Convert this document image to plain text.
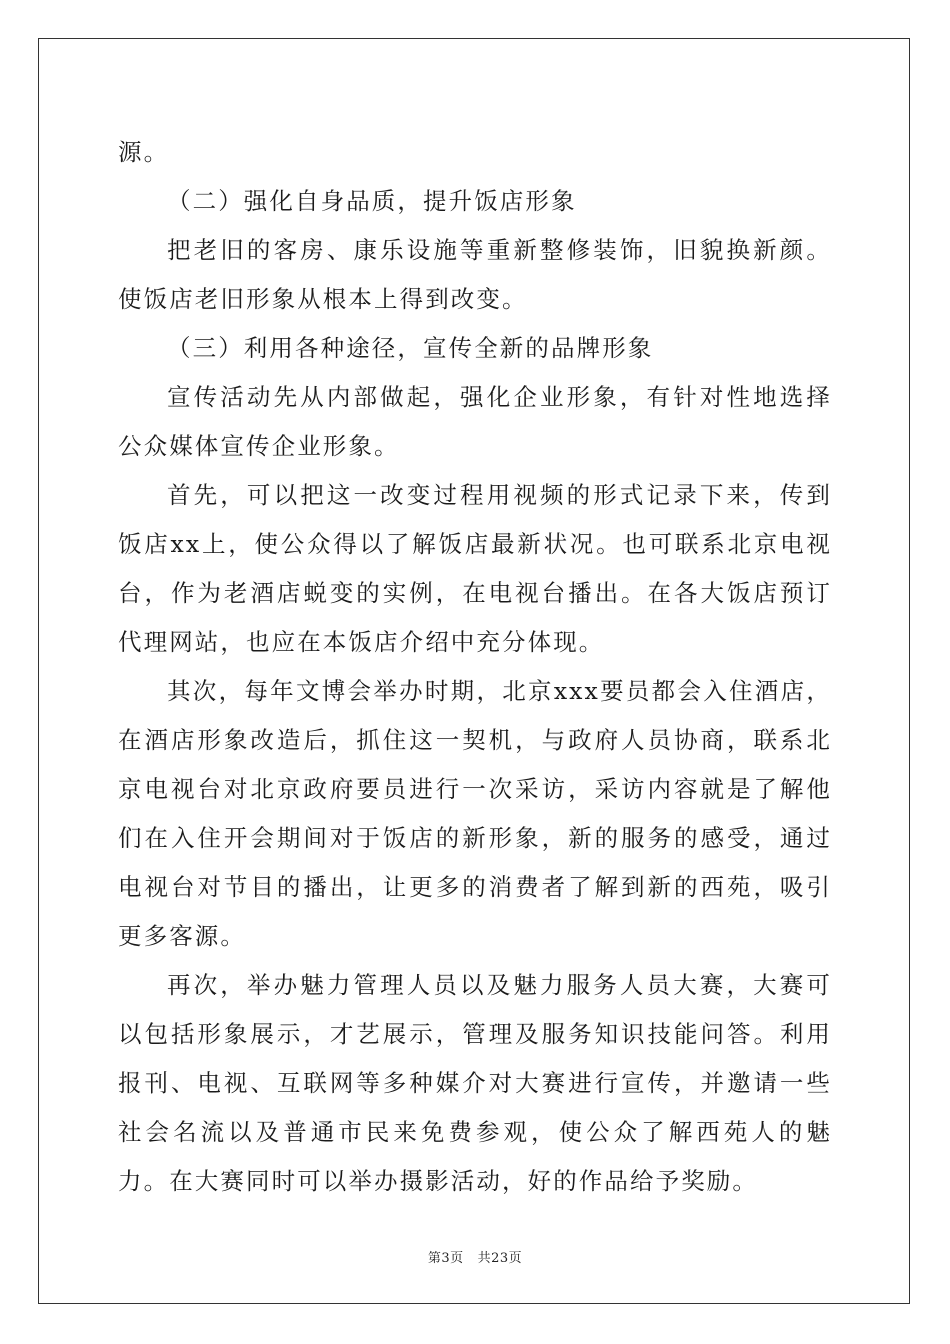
源。

（二）强化自身品质，提升饭店形象

把老旧的客房、康乐设施等重新整修装饰，旧貌换新颜。使饭店老旧形象从根本上得到改变。

（三）利用各种途径，宣传全新的品牌形象

宣传活动先从内部做起，强化企业形象，有针对性地选择公众媒体宣传企业形象。

首先，可以把这一改变过程用视频的形式记录下来，传到饭店xx上，使公众得以了解饭店最新状况。也可联系北京电视台，作为老酒店蜕变的实例，在电视台播出。在各大饭店预订代理网站，也应在本饭店介绍中充分体现。

其次，每年文博会举办时期，北京xxx要员都会入住酒店，在酒店形象改造后，抓住这一契机，与政府人员协商，联系北京电视台对北京政府要员进行一次采访，采访内容就是了解他们在入住开会期间对于饭店的新形象，新的服务的感受，通过电视台对节目的播出，让更多的消费者了解到新的西苑，吸引更多客源。

再次，举办魅力管理人员以及魅力服务人员大赛，大赛可以包括形象展示，才艺展示，管理及服务知识技能问答。利用报刊、电视、互联网等多种媒介对大赛进行宣传，并邀请一些社会名流以及普通市民来免费参观，使公众了解西苑人的魅力。在大赛同时可以举办摄影活动，好的作品给予奖励。

第3页 共23页
